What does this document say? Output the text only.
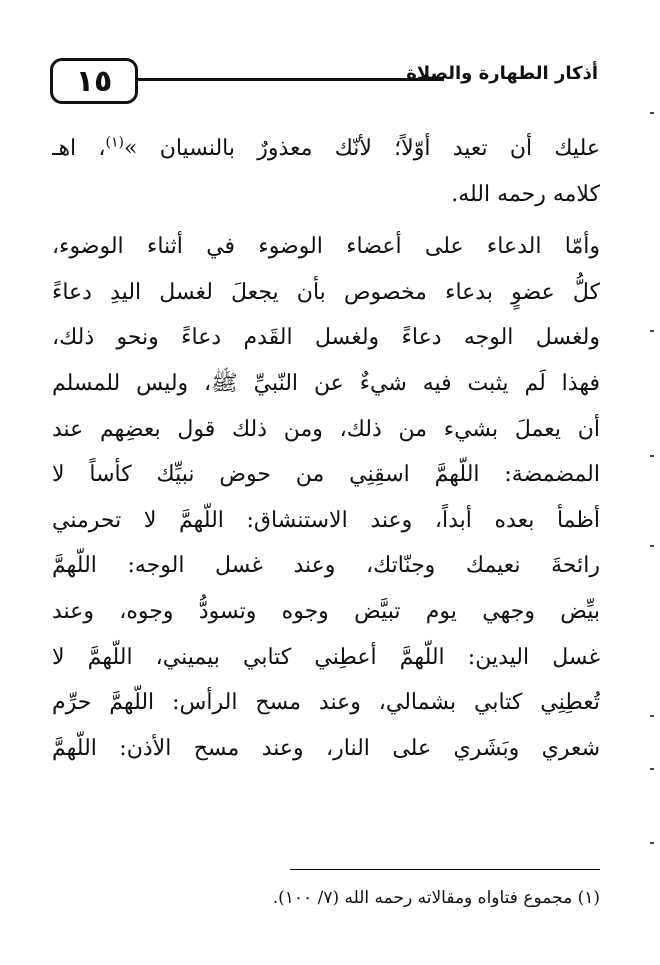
١٥	أذكار الطهارة والصلاة
عليك أن تعيد أوّلاً؛ لأنّك معذورٌ بالنسيان »$^{(١)}$، اهـ
كلامه رحمه الله.
وأمّا الدعاء على أعضاء الوضوء في أثناء الوضوء،
كلُّ عضوٍ بدعاء مخصوص بأن يجعلَ لغسل اليدِ دعاءً
ولغسل الوجه دعاءً ولغسل القَدم دعاءً ونحو ذلك،
فهذا لَم يثبت فيه شيءٌ عن النّبيِّ ﷺ، وليس للمسلم
أن يعملَ بشيء من ذلك، ومن ذلك قول بعضِهم عند
المضمضة: اللّهمَّ اسقِنِي من حوض نبيِّك كأساً لا
أظمأ بعده أبداً، وعند الاستنشاق: اللّهمَّ لا تحرمني
رائحةَ نعيمك وجنّاتك، وعند غسل الوجه: اللّهمَّ
بيِّض وجهي يوم تبيَّض وجوه وتسودُّ وجوه، وعند
غسل اليدين: اللّهمَّ أعطِني كتابي بيميني، اللّهمَّ لا
تُعطِنِي كتابي بشمالي، وعند مسح الرأس: اللّهمَّ حرِّم
شعري وبَشَري على النار، وعند مسح الأذن: اللّهمَّ
(١) مجموع فتاواه ومقالاته رحمه الله (٧/ ١٠٠).
